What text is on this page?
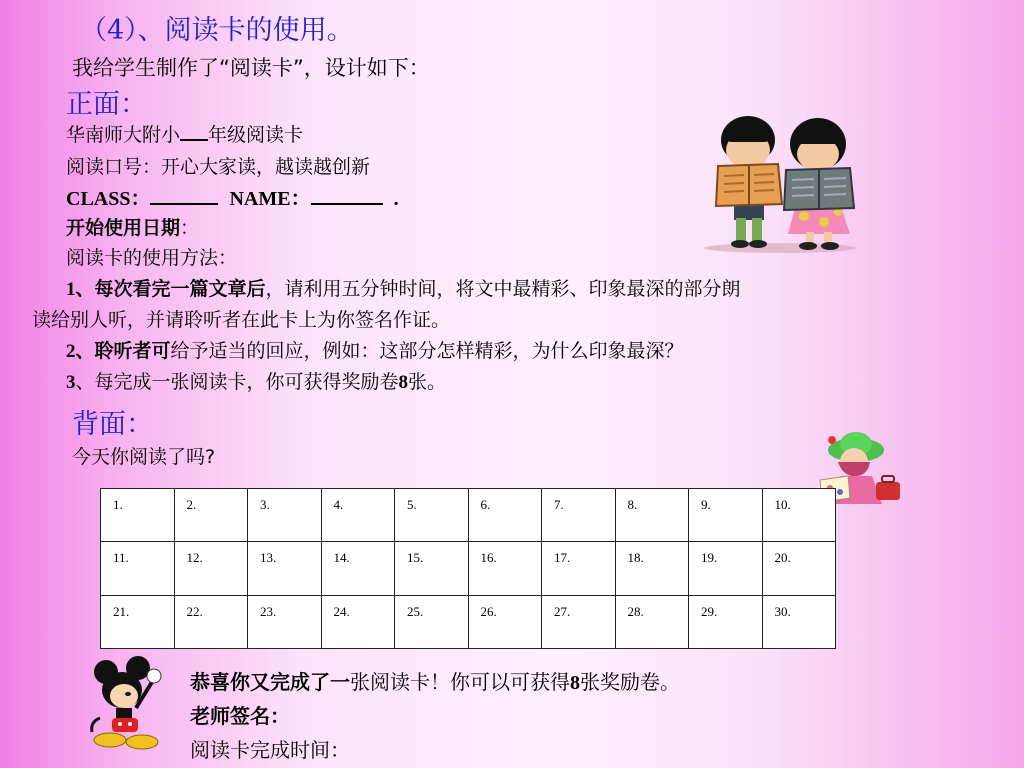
（4）、阅读卡的使用。
我给学生制作了“阅读卡”，设计如下：
正面：
华南师大附小 年级阅读卡
阅读口号：开心大家读，越读越创新
CLASS：	NAME：	.
开始使用日期：
阅读卡的使用方法：
1、每次看完一篇文章后，请利用五分钟时间，将文中最精彩、印象最深的部分朗
读给别人听，并请聆听者在此卡上为你签名作证。
2、聆听者可给予适当的回应，例如：这部分怎样精彩，为什么印象最深？
3、每完成一张阅读卡，你可获得奖励卷8张。
背面：
今天你阅读了吗?
1.	2.	3.	4.	5.	6.	7.	8.	9.	10.
11.	12.	13.	14.	15.	16.	17.	18.	19.	20.
21.	22.	23.	24.	25.	26.	27.	28.	29.	30.
恭喜你又完成了一张阅读卡！你可以可获得8张奖励卷。
老师签名：
阅读卡完成时间：
